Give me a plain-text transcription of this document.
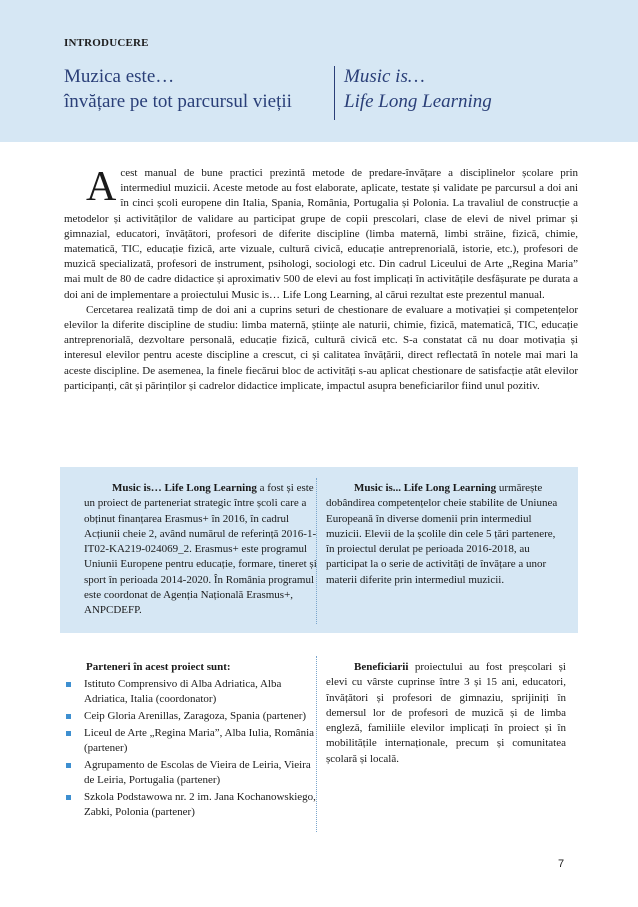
INTRODUCERE
Muzica este…
învățare pe tot parcursul vieții
Music is…
Life Long Learning

Acest manual de bune practici prezintă metode de predare-învățare a disciplinelor școlare prin intermediul muzicii. Aceste metode au fost elaborate, aplicate, testate și validate pe parcursul a doi ani în cinci școli europene din Italia, Spania, România, Portugalia și Polonia. La travaliul de construcție a metodelor și activităților de validare au participat grupe de copii prescolari, clase de elevi de nivel primar și gimnazial, educatori, învățători, profesori de diferite discipline (limba maternă, limbi străine, fizică, chimie, matematică, TIC, educație fizică, arte vizuale, cultură civică, educație antreprenorială, istorie, etc.), profesori de muzică specializată, profesori de instrument, psihologi, sociologi etc. Din cadrul Liceului de Arte „Regina Maria” mai mult de 80 de cadre didactice și aproximativ 500 de elevi au fost implicați în activitățile desfășurate pe durata a doi ani de implementare a proiectului Music is… Life Long Learning, al cărui rezultat este prezentul manual.

Cercetarea realizată timp de doi ani a cuprins seturi de chestionare de evaluare a motivației și competențelor elevilor la diferite discipline de studiu: limba maternă, științe ale naturii, chimie, fizică, matematică, TIC, educație antreprenorială, dezvoltare personală, educație fizică, cultură civică etc. S-a constatat că nu doar motivația și interesul elevilor pentru aceste discipline a crescut, ci și calitatea învățării, direct reflectată în notele mai mari la aceste discipline. De asemenea, la finele fiecărui bloc de activități s-au aplicat chestionare de satisfacție atât elevilor participanți, cât și părinților și cadrelor didactice implicate, impactul asupra beneficiarilor fiind unul pozitiv.

Music is… Life Long Learning a fost și este un proiect de parteneriat strategic între școli care a obținut finanțarea Erasmus+ în 2016, în cadrul Acțiunii cheie 2, având numărul de referință 2016-1-IT02-KA219-024069_2. Erasmus+ este programul Uniunii Europene pentru educație, formare, tineret și sport în perioada 2014-2020. În România programul este coordonat de Agenția Națională Erasmus+, ANPCDEFP.

Music is... Life Long Learning urmărește dobândirea competențelor cheie stabilite de Uniunea Europeană în diverse domenii prin intermediul muzicii. Elevii de la școlile din cele 5 țări partenere, în proiectul derulat pe perioada 2016-2018, au participat la o serie de activități de învățare a unor materii diferite prin intermediul muzicii.

Parteneri în acest proiect sunt:
Istituto Comprensivo di Alba Adriatica, Alba Adriatica, Italia (coordonator)
Ceip Gloria Arenillas, Zaragoza, Spania (partener)
Liceul de Arte „Regina Maria”, Alba Iulia, România (partener)
Agrupamento de Escolas de Vieira de Leiria, Vieira de Leiria, Portugalia (partener)
Szkola Podstawowa nr. 2 im. Jana Kochanowskiego, Zabki, Polonia (partener)

Beneficiarii proiectului au fost preșcolari și elevi cu vârste cuprinse între 3 și 15 ani, educatori, învățători și profesori de gimnaziu, sprijiniți în demersul lor de profesori de muzică și de limba engleză, familiile elevilor implicați în proiect și în mobilitățile internaționale, precum și comunitatea școlară și locală.

7
